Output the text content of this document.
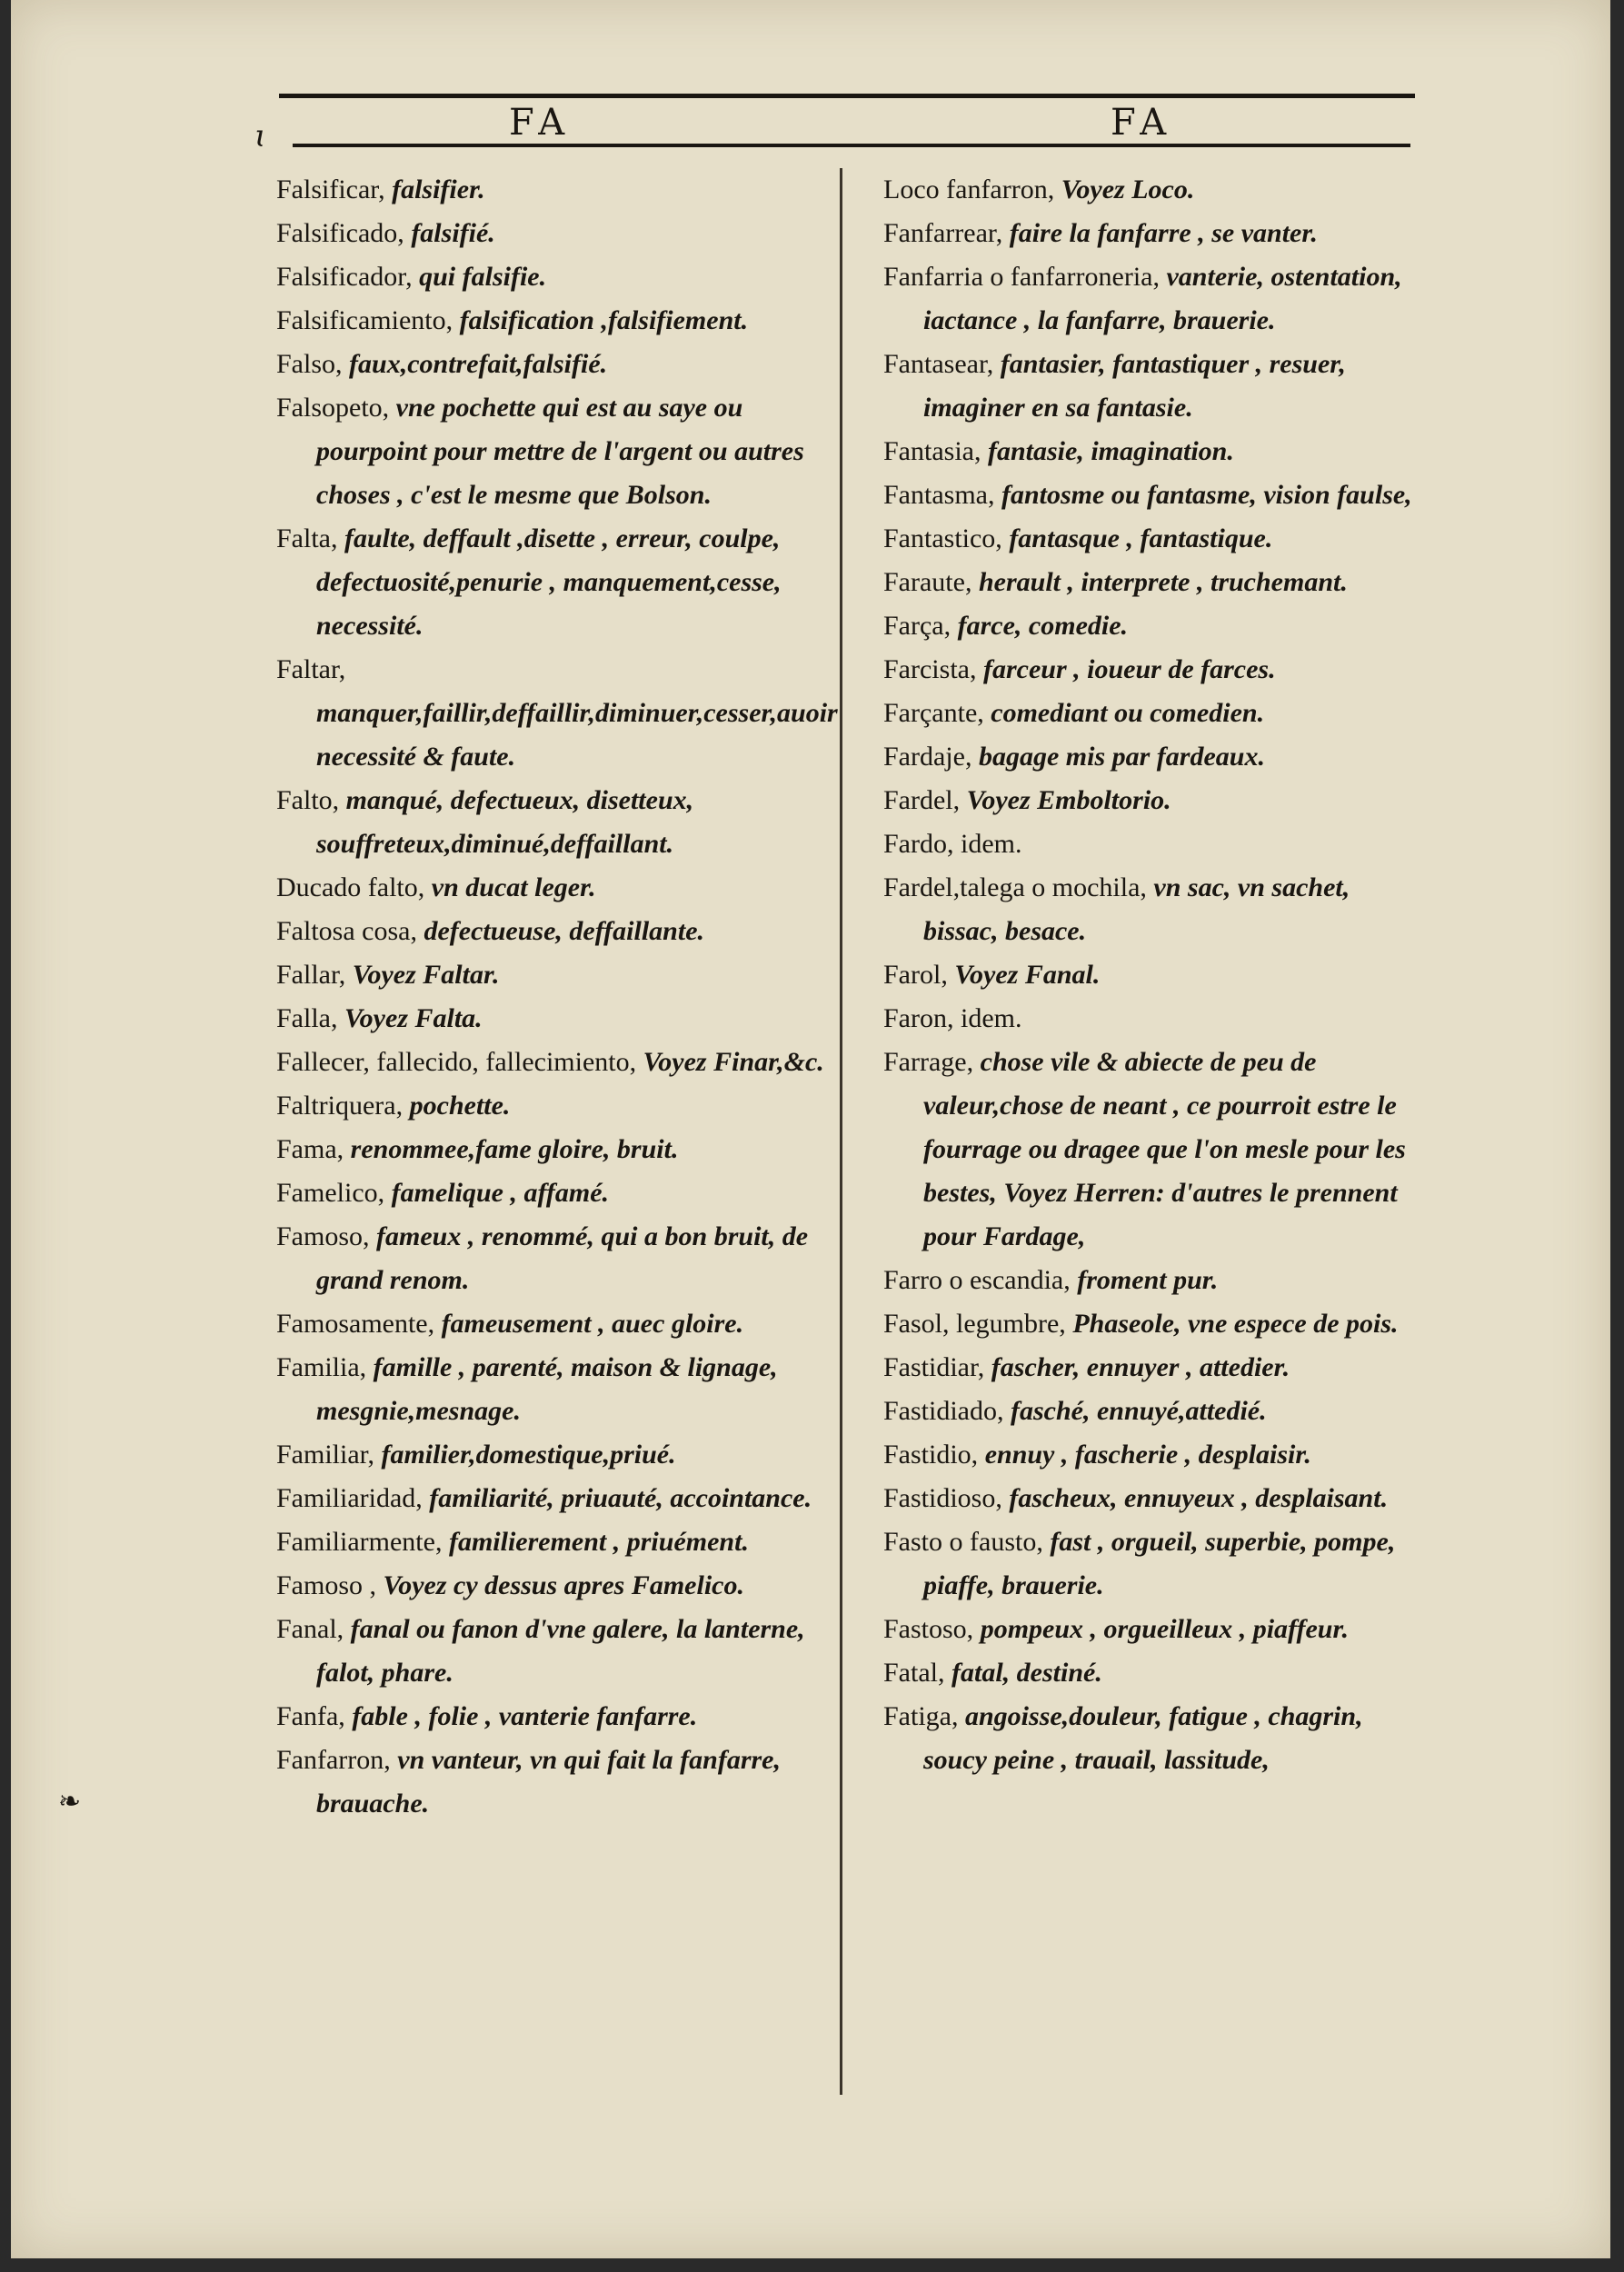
ɩ	FA	FA
Falsificar, falsifier.
Falsificado, falsifié.
Falsificador, qui falsifie.
Falsificamiento, falsification ,falsifiement.
Falso, faux,contrefait,falsifié.
Falsopeto, vne pochette qui est au saye ou pourpoint pour mettre de l'argent ou autres choses , c'est le mesme que Bolson.
Falta, faulte, deffault ,disette , erreur, coulpe, defectuosité,penurie , manquement,cesse, necessité.
Faltar, manquer,faillir,deffaillir,diminuer,cesser,auoir necessité & faute.
Falto, manqué, defectueux, disetteux, souffreteux,diminué,deffaillant.
Ducado falto, vn ducat leger.
Faltosa cosa, defectueuse, deffaillante.
Fallar, Voyez Faltar.
Falla, Voyez Falta.
Fallecer, fallecido, fallecimiento, Voyez Finar,&c.
Faltriquera, pochette.
Fama, renommee,fame gloire, bruit.
Famelico, famelique , affamé.
Famoso, fameux , renommé, qui a bon bruit, de grand renom.
Famosamente, fameusement , auec gloire.
Familia, famille , parenté, maison & lignage, mesgnie,mesnage.
Familiar, familier,domestique,priué.
Familiaridad, familiarité, priuauté, accointance.
Familiarmente, familierement , priuément.
Famoso , Voyez cy dessus apres Famelico.
Fanal, fanal ou fanon d'vne galere, la lanterne, falot, phare.
Fanfa, fable , folie , vanterie fanfarre.
Fanfarron, vn vanteur, vn qui fait la fanfarre, brauache.
Loco fanfarron, Voyez Loco.
Fanfarrear, faire la fanfarre , se vanter.
Fanfarria o fanfarroneria, vanterie, ostentation, iactance , la fanfarre, brauerie.
Fantasear, fantasier, fantastiquer , resuer, imaginer en sa fantasie.
Fantasia, fantasie, imagination.
Fantasma, fantosme ou fantasme, vision faulse,
Fantastico, fantasque , fantastique.
Faraute, herault , interprete , truchemant.
Farça, farce, comedie.
Farcista, farceur , ioueur de farces.
Farçante, comediant ou comedien.
Fardaje, bagage mis par fardeaux.
Fardel, Voyez Emboltorio.
Fardo, idem.
Fardel,talega o mochila, vn sac, vn sachet, bissac, besace.
Farol, Voyez Fanal.
Faron, idem.
Farrage, chose vile & abiecte de peu de valeur,chose de neant , ce pourroit estre le fourrage ou dragee que l'on mesle pour les bestes, Voyez Herren: d'autres le prennent pour Fardage,
Farro o escandia, froment pur.
Fasol, legumbre, Phaseole, vne espece de pois.
Fastidiar, fascher, ennuyer , attedier.
Fastidiado, fasché, ennuyé,attedié.
Fastidio, ennuy , fascherie , desplaisir.
Fastidioso, fascheux, ennuyeux , desplaisant.
Fasto o fausto, fast , orgueil, superbie, pompe, piaffe, brauerie.
Fastoso, pompeux , orgueilleux , piaffeur.
Fatal, fatal, destiné.
Fatiga, angoisse,douleur, fatigue , chagrin, soucy peine , trauail, lassitude,
❧
